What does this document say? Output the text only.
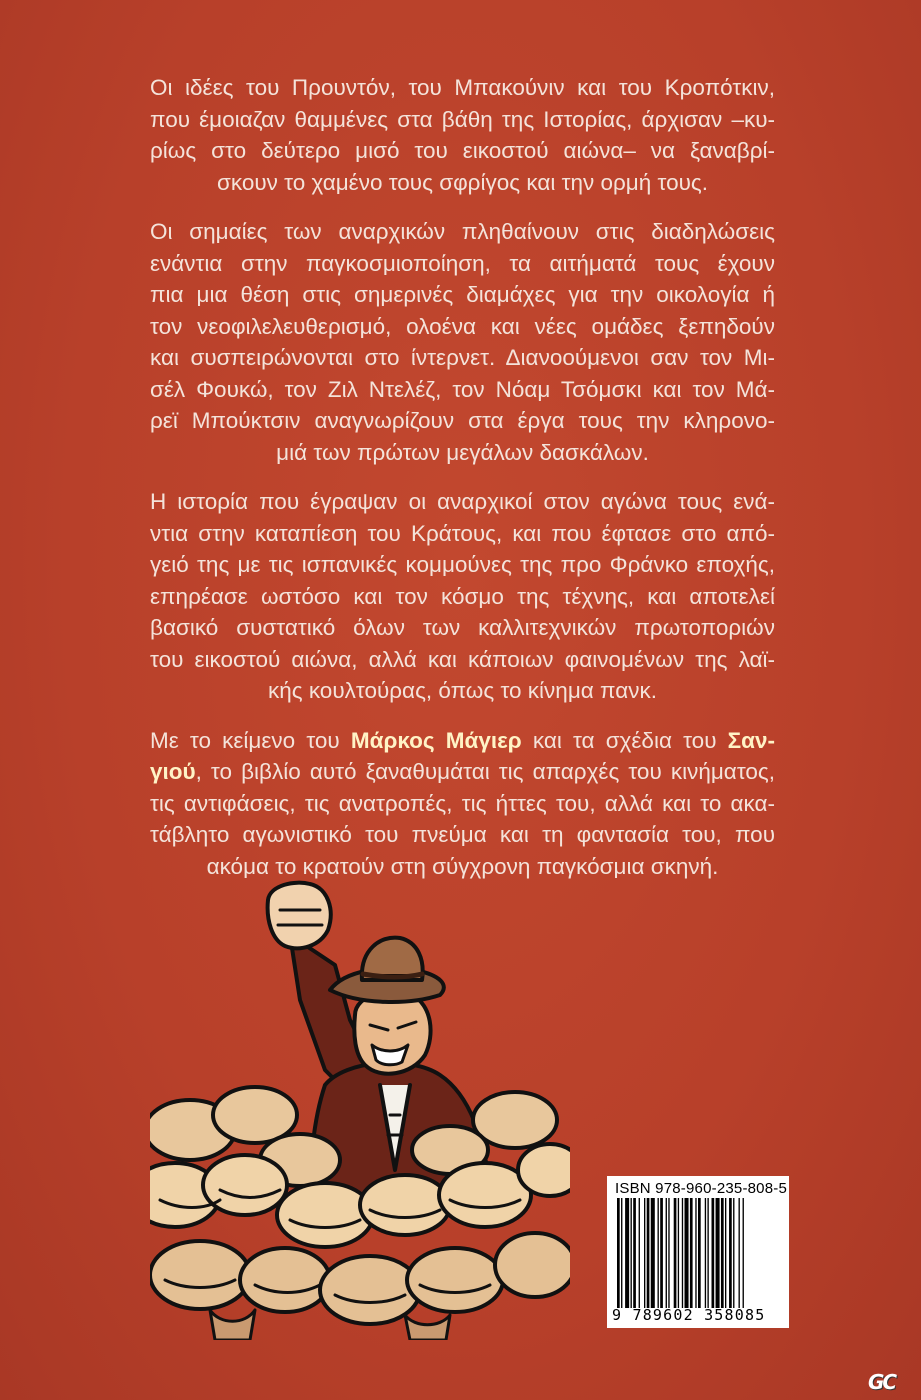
Οι ιδέες του Προυντόν, του Μπακούνιν και του Κροπότκιν,
που έμοιαζαν θαμμένες στα βάθη της Ιστορίας, άρχισαν –κυ-
ρίως στο δεύτερο μισό του εικοστού αιώνα– να ξαναβρί-
σκουν το χαμένο τους σφρίγος και την ορμή τους.

Οι σημαίες των αναρχικών πληθαίνουν στις διαδηλώσεις
ενάντια στην παγκοσμιοποίηση, τα αιτήματά τους έχουν
πια μια θέση στις σημερινές διαμάχες για την οικολογία ή
τον νεοφιλελευθερισμό, ολοένα και νέες ομάδες ξεπηδούν
και συσπειρώνονται στο ίντερνετ. Διανοούμενοι σαν τον Μι-
σέλ Φουκώ, τον Ζιλ Ντελέζ, τον Νόαμ Τσόμσκι και τον Μά-
ρεϊ Μπούκτσιν αναγνωρίζουν στα έργα τους την κληρονο-
μιά των πρώτων μεγάλων δασκάλων.

Η ιστορία που έγραψαν οι αναρχικοί στον αγώνα τους ενά-
ντια στην καταπίεση του Κράτους, και που έφτασε στο από-
γειό της με τις ισπανικές κομμούνες της προ Φράνκο εποχής,
επηρέασε ωστόσο και τον κόσμο της τέχνης, και αποτελεί
βασικό συστατικό όλων των καλλιτεχνικών πρωτοποριών
του εικοστού αιώνα, αλλά και κάποιων φαινομένων της λαϊ-
κής κουλτούρας, όπως το κίνημα πανκ.

Με το κείμενο του Μάρκος Μάγιερ και τα σχέδια του Σαν-
γιού, το βιβλίο αυτό ξαναθυμάται τις απαρχές του κινήματος,
τις αντιφάσεις, τις ανατροπές, τις ήττες του, αλλά και το ακα-
τάβλητο αγωνιστικό του πνεύμα και τη φαντασία του, που
ακόμα το κρατούν στη σύγχρονη παγκόσμια σκηνή.

ISBN 978-960-235-808-5
9 789602 358085
GC
